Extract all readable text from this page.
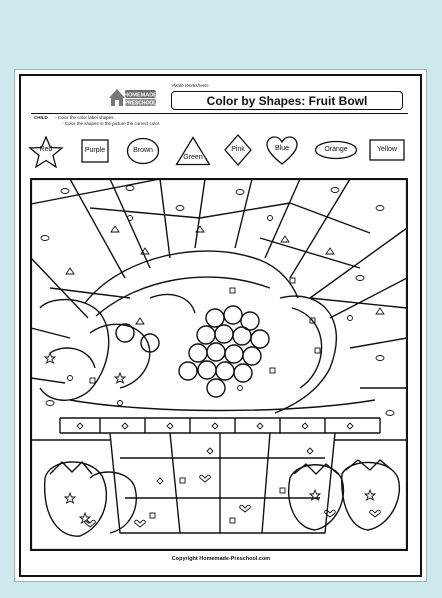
HOMEMADE
PRESCHOOL
>Math Worksheets
Color by Shapes: Fruit Bowl
CHILD - Color the color label shapes.
- Color the shapes in the picture the correct color.
Red	Purple	Brown
Green
Pink	Blue	Orange	Yellow
Copyright Homemade-Preschool.com
